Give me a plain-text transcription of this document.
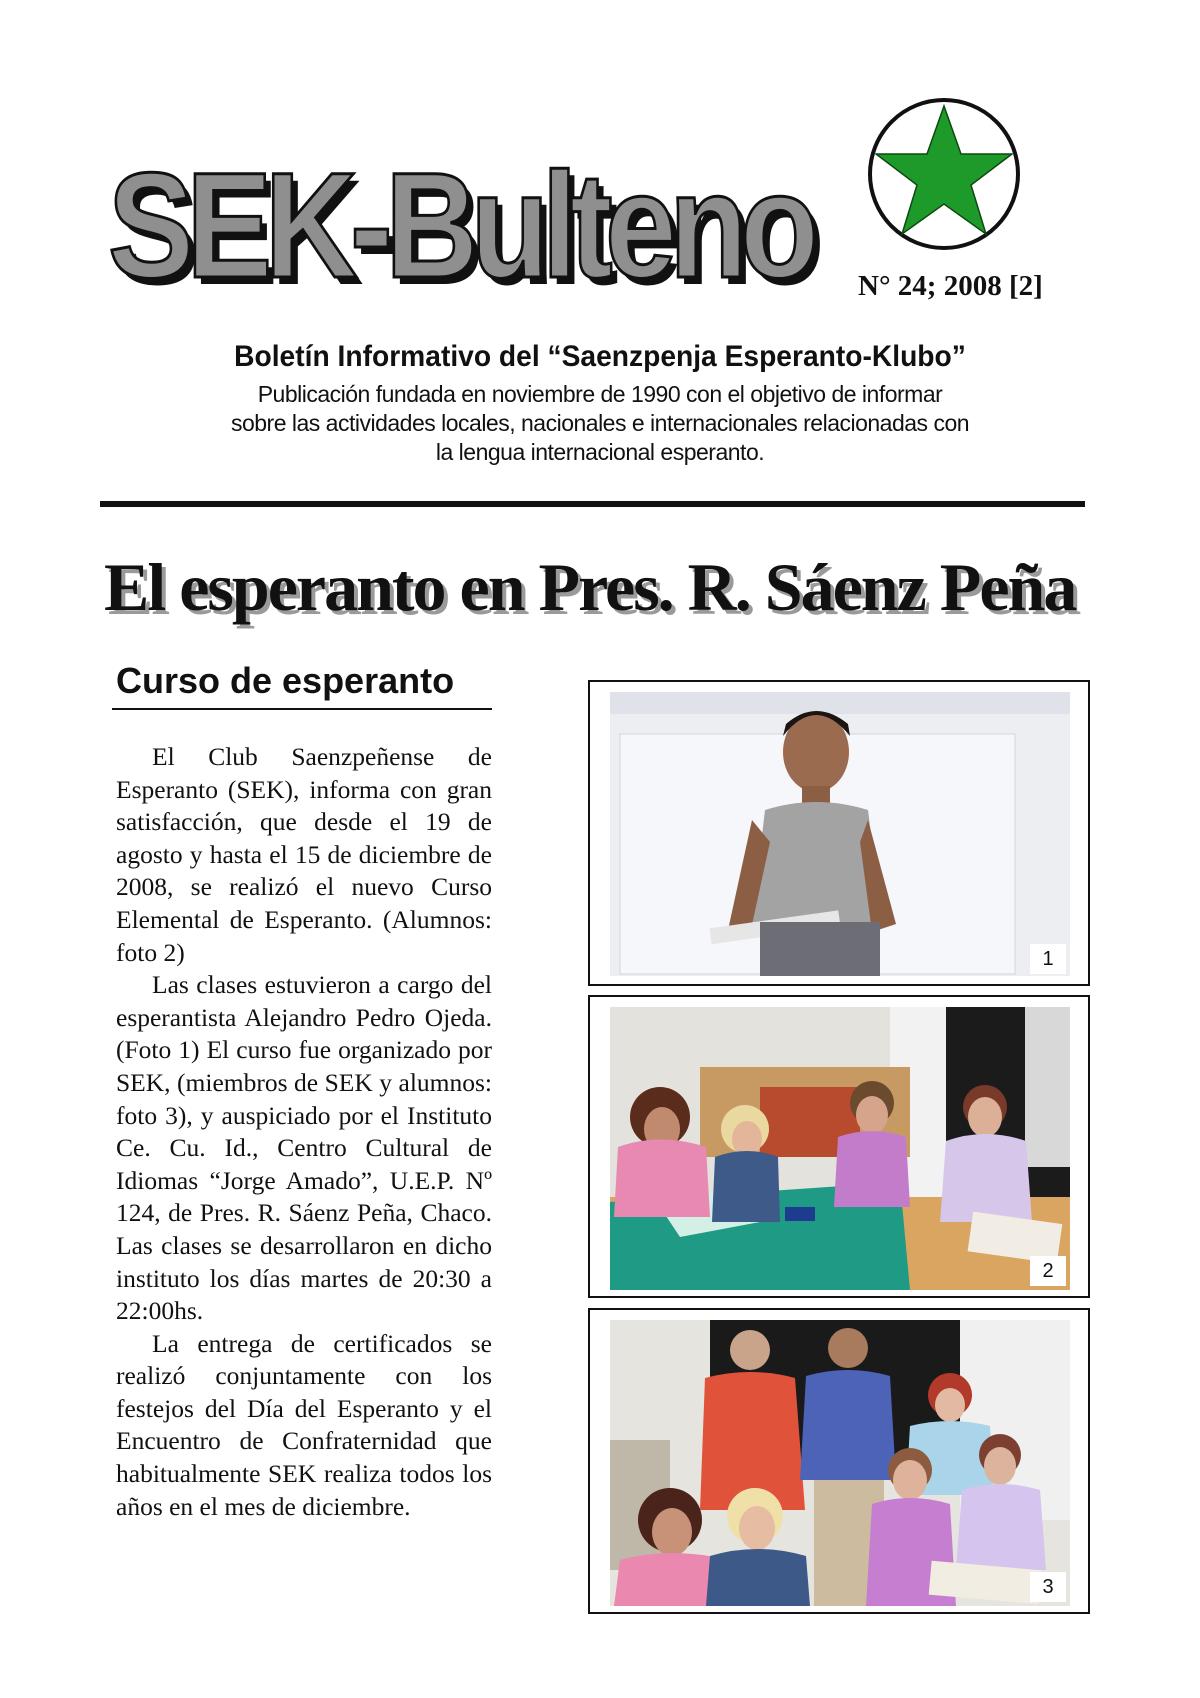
SEK-Bulteno N° 24; 2008 [2]
Boletín Informativo del “Saenzpenja Esperanto-Klubo”
Publicación fundada en noviembre de 1990 con el objetivo de informar
sobre las actividades locales, nacionales e internacionales relacionadas con
la lengua internacional esperanto.
El esperanto en Pres. R. Sáenz Peña
Curso de esperanto

El Club Saenzpeñense de Esperanto (SEK), informa con gran satisfacción, que desde el 19 de agosto y hasta el 15 de diciembre de 2008, se realizó el nuevo Curso Elemental de Esperanto. (Alumnos: foto 2)

Las clases estuvieron a cargo del esperantista Alejandro Pedro Ojeda. (Foto 1) El curso fue organizado por SEK, (miembros de SEK y alumnos: foto 3), y auspiciado por el Instituto Ce. Cu. Id., Centro Cultural de Idiomas “Jorge Amado”, U.E.P. Nº 124, de Pres. R. Sáenz Peña, Chaco. Las clases se desarrollaron en dicho instituto los días martes de 20:30 a 22:00hs.

La entrega de certificados se realizó conjuntamente con los festejos del Día del Esperanto y el Encuentro de Confraternidad que habitualmente SEK realiza todos los años en el mes de diciembre.

1
2
3
